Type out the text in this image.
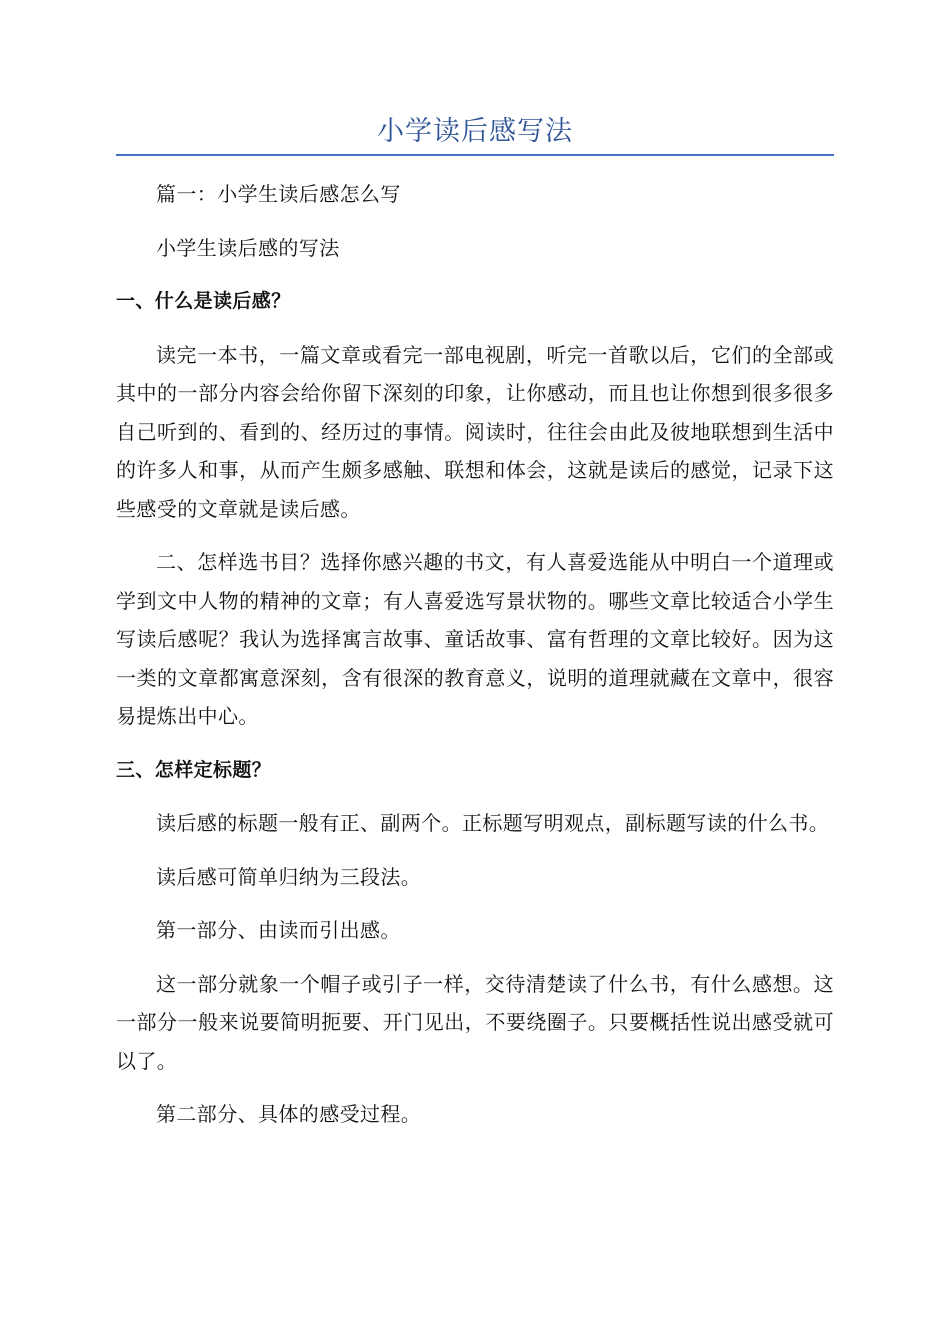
小学读后感写法

篇一：小学生读后感怎么写

小学生读后感的写法

一、什么是读后感？

读完一本书，一篇文章或看完一部电视剧，听完一首歌以后，它们的全部或其中的一部分内容会给你留下深刻的印象，让你感动，而且也让你想到很多很多自己听到的、看到的、经历过的事情。阅读时，往往会由此及彼地联想到生活中的许多人和事，从而产生颇多感触、联想和体会，这就是读后的感觉，记录下这些感受的文章就是读后感。

二、怎样选书目？选择你感兴趣的书文，有人喜爱选能从中明白一个道理或学到文中人物的精神的文章；有人喜爱选写景状物的。哪些文章比较适合小学生写读后感呢？我认为选择寓言故事、童话故事、富有哲理的文章比较好。因为这一类的文章都寓意深刻，含有很深的教育意义，说明的道理就藏在文章中，很容易提炼出中心。

三、怎样定标题？

读后感的标题一般有正、副两个。正标题写明观点，副标题写读的什么书。

读后感可简单归纳为三段法。

第一部分、由读而引出感。

这一部分就象一个帽子或引子一样，交待清楚读了什么书，有什么感想。这一部分一般来说要简明扼要、开门见出，不要绕圈子。只要概括性说出感受就可以了。

第二部分、具体的感受过程。
